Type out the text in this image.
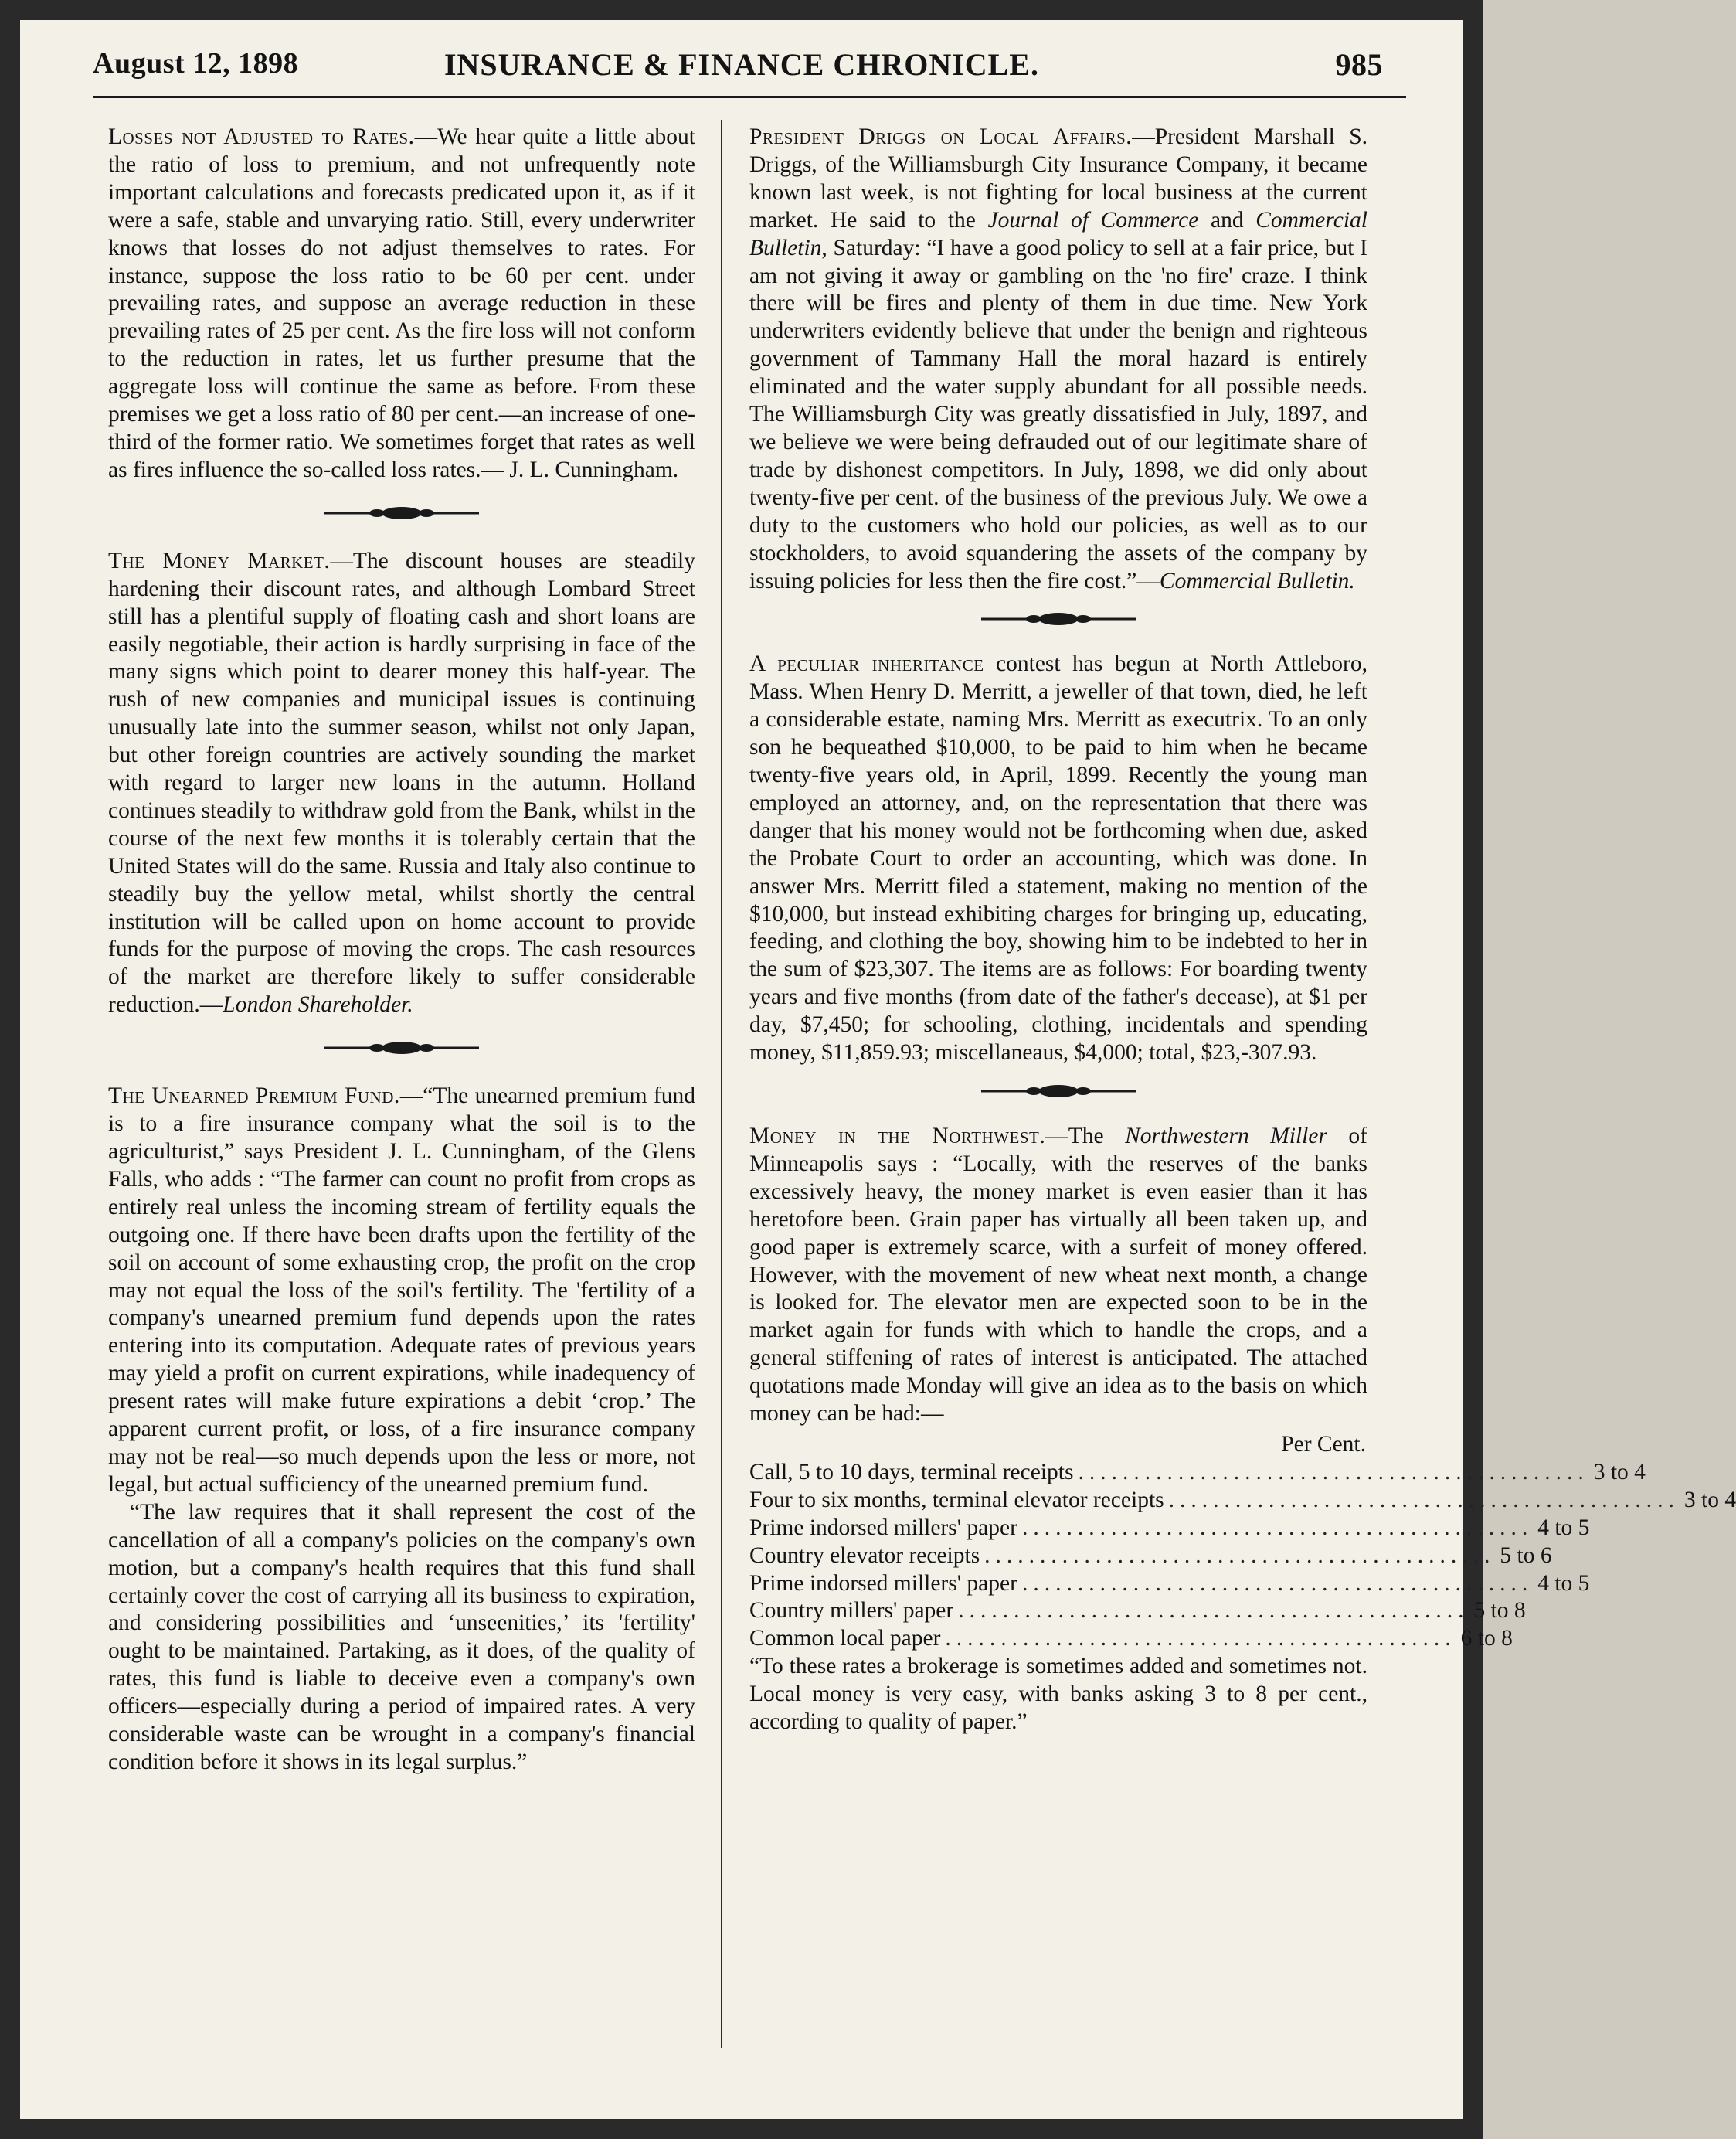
August 12, 1898	INSURANCE & FINANCE CHRONICLE.	985

Losses not Adjusted to Rates.—We hear quite a little about the ratio of loss to premium, and not unfrequently note important calculations and forecasts predicated upon it, as if it were a safe, stable and unvarying ratio. Still, every underwriter knows that losses do not adjust themselves to rates. For instance, suppose the loss ratio to be 60 per cent. under prevailing rates, and suppose an average reduction in these prevailing rates of 25 per cent. As the fire loss will not conform to the reduction in rates, let us further presume that the aggregate loss will continue the same as before. From these premises we get a loss ratio of 80 per cent.—an increase of one-third of the former ratio. We sometimes forget that rates as well as fires influence the so-called loss rates.— J. L. Cunningham.

The Money Market.—The discount houses are steadily hardening their discount rates, and although Lombard Street still has a plentiful supply of floating cash and short loans are easily negotiable, their action is hardly surprising in face of the many signs which point to dearer money this half-year. The rush of new companies and municipal issues is continuing unusually late into the summer season, whilst not only Japan, but other foreign countries are actively sounding the market with regard to larger new loans in the autumn. Holland continues steadily to withdraw gold from the Bank, whilst in the course of the next few months it is tolerably certain that the United States will do the same. Russia and Italy also continue to steadily buy the yellow metal, whilst shortly the central institution will be called upon on home account to provide funds for the purpose of moving the crops. The cash resources of the market are therefore likely to suffer considerable reduction.—London Shareholder.

The Unearned Premium Fund.—“The unearned premium fund is to a fire insurance company what the soil is to the agriculturist,” says President J. L. Cunningham, of the Glens Falls, who adds : “The farmer can count no profit from crops as entirely real unless the incoming stream of fertility equals the outgoing one. If there have been drafts upon the fertility of the soil on account of some exhausting crop, the profit on the crop may not equal the loss of the soil's fertility. The 'fertility of a company's unearned premium fund depends upon the rates entering into its computation. Adequate rates of previous years may yield a profit on current expirations, while inadequency of present rates will make future expirations a debit ‘crop.’ The apparent current profit, or loss, of a fire insurance company may not be real—so much depends upon the less or more, not legal, but actual sufficiency of the unearned premium fund.

“The law requires that it shall represent the cost of the cancellation of all a company's policies on the company's own motion, but a company's health requires that this fund shall certainly cover the cost of carrying all its business to expiration, and considering possibilities and ‘unseenities,’ its 'fertility' ought to be maintained. Partaking, as it does, of the quality of rates, this fund is liable to deceive even a company's own officers—especially during a period of impaired rates. A very considerable waste can be wrought in a company's financial condition before it shows in its legal surplus.”

President Driggs on Local Affairs.—President Marshall S. Driggs, of the Williamsburgh City Insurance Company, it became known last week, is not fighting for local business at the current market. He said to the Journal of Commerce and Commercial Bulletin, Saturday: “I have a good policy to sell at a fair price, but I am not giving it away or gambling on the 'no fire' craze. I think there will be fires and plenty of them in due time. New York underwriters evidently believe that under the benign and righteous government of Tammany Hall the moral hazard is entirely eliminated and the water supply abundant for all possible needs. The Williamsburgh City was greatly dissatisfied in July, 1897, and we believe we were being defrauded out of our legitimate share of trade by dishonest competitors. In July, 1898, we did only about twenty-five per cent. of the business of the previous July. We owe a duty to the customers who hold our policies, as well as to our stockholders, to avoid squandering the assets of the company by issuing policies for less then the fire cost.”—Commercial Bulletin.

A peculiar inheritance contest has begun at North Attleboro, Mass. When Henry D. Merritt, a jeweller of that town, died, he left a considerable estate, naming Mrs. Merritt as executrix. To an only son he bequeathed $10,000, to be paid to him when he became twenty-five years old, in April, 1899. Recently the young man employed an attorney, and, on the representation that there was danger that his money would not be forthcoming when due, asked the Probate Court to order an accounting, which was done. In answer Mrs. Merritt filed a statement, making no mention of the $10,000, but instead exhibiting charges for bringing up, educating, feeding, and clothing the boy, showing him to be indebted to her in the sum of $23,307. The items are as follows: For boarding twenty years and five months (from date of the father's decease), at $1 per day, $7,450; for schooling, clothing, incidentals and spending money, $11,859.93; miscellaneaus, $4,000; total, $23,-307.93.

Money in the Northwest.—The Northwestern Miller of Minneapolis says : “Locally, with the reserves of the banks excessively heavy, the money market is even easier than it has heretofore been. Grain paper has virtually all been taken up, and good paper is extremely scarce, with a surfeit of money offered. However, with the movement of new wheat next month, a change is looked for. The elevator men are expected soon to be in the market again for funds with which to handle the crops, and a general stiffening of rates of interest is anticipated. The attached quotations made Monday will give an idea as to the basis on which money can be had:—

Per Cent.
Call, 5 to 10 days, terminal receipts .............................................. 3 to 4
Four to six months, terminal elevator receipts .............................................. 3 to 4
Prime indorsed millers' paper .............................................. 4 to 5
Country elevator receipts .............................................. 5 to 6
Prime indorsed millers' paper .............................................. 4 to 5
Country millers' paper .............................................. 5 to 8
Common local paper .............................................. 6 to 8

“To these rates a brokerage is sometimes added and sometimes not. Local money is very easy, with banks asking 3 to 8 per cent., according to quality of paper.”
